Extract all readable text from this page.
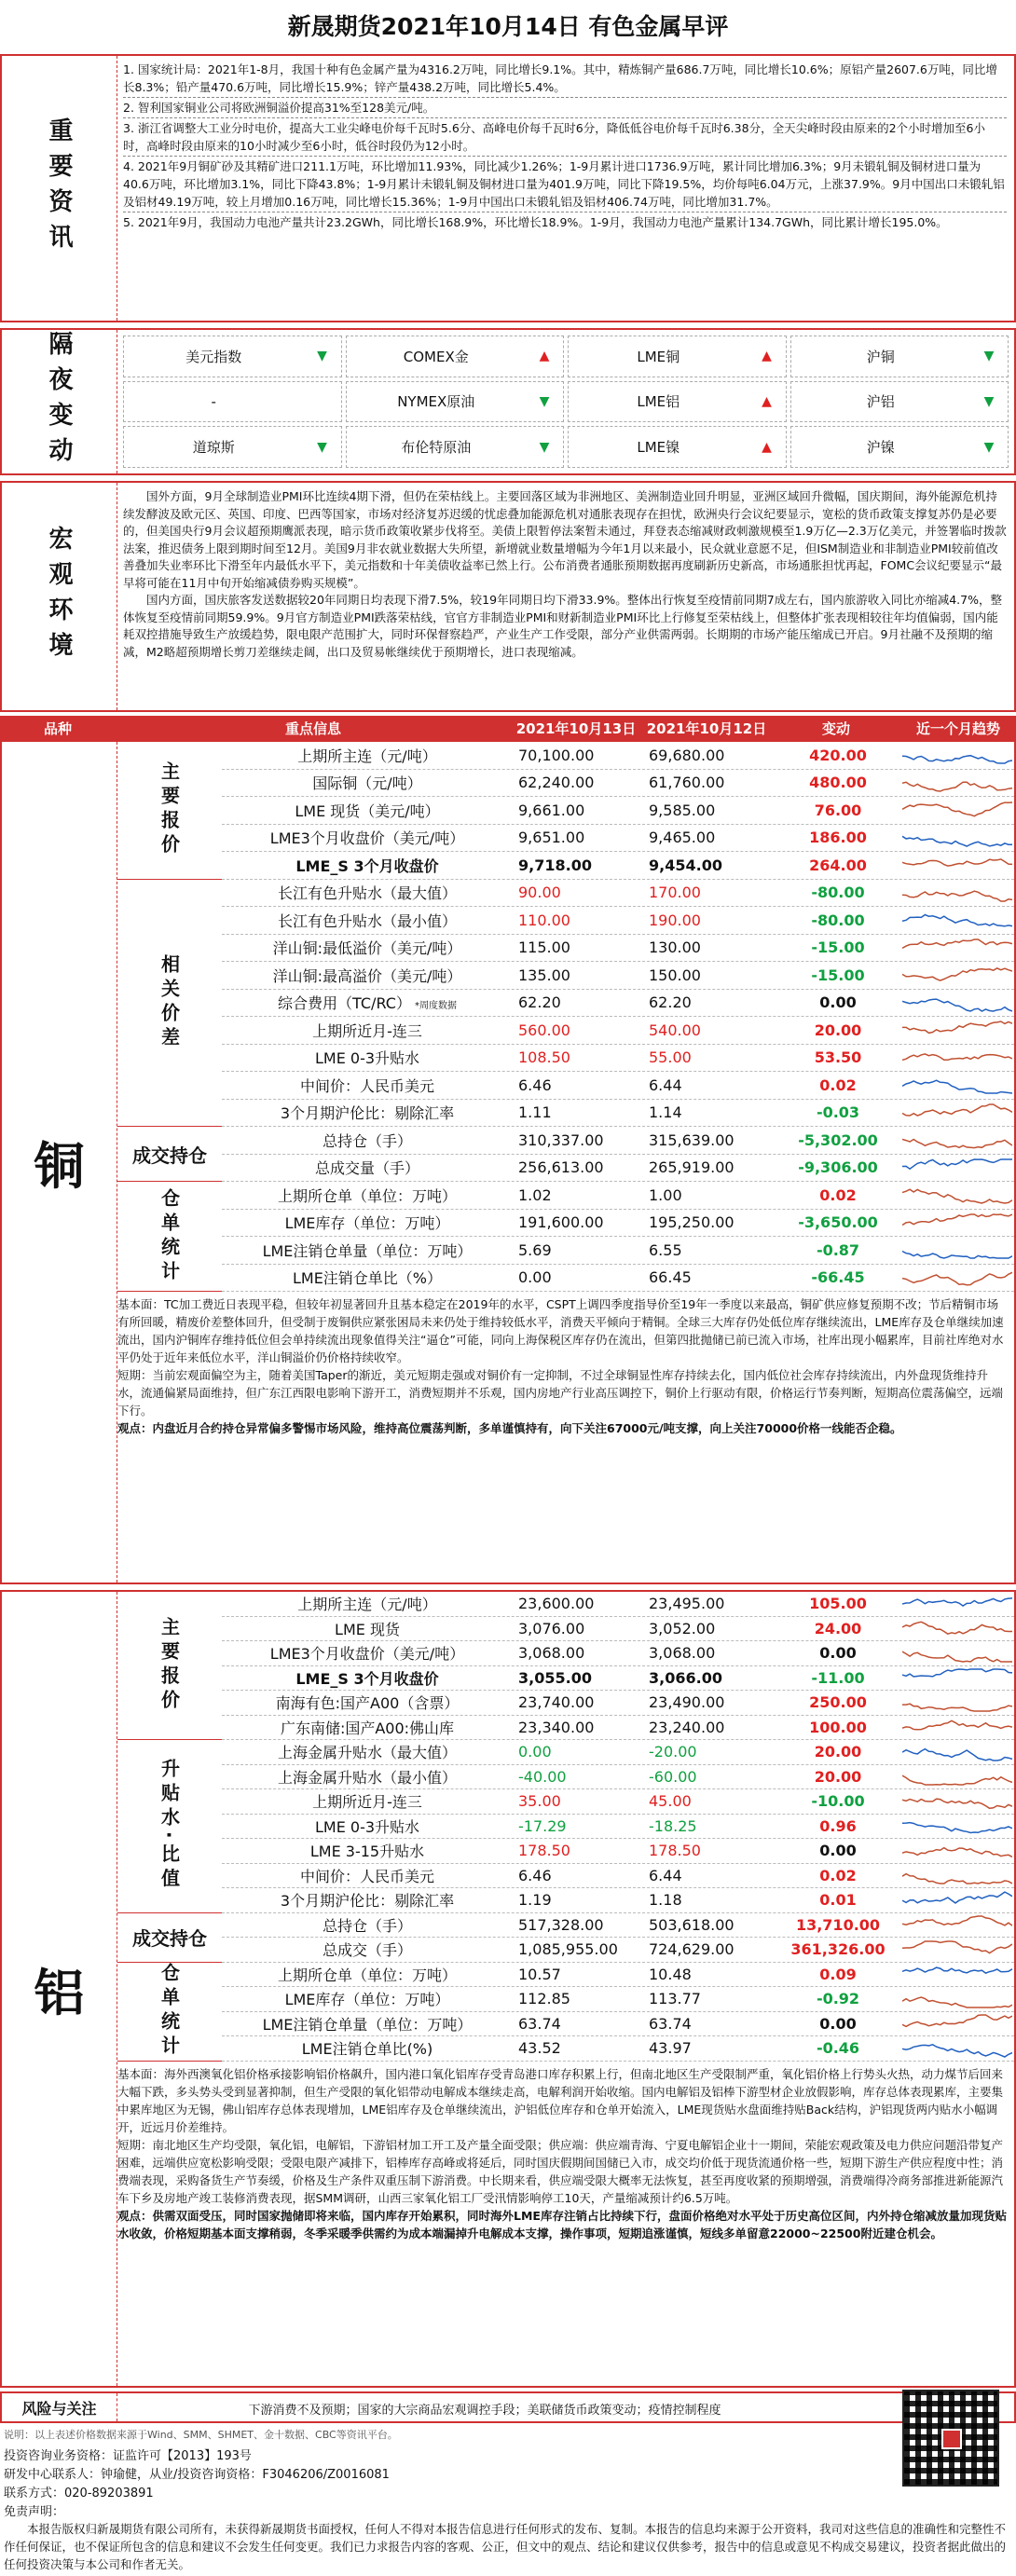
新晟期货2021年10月14日 有色金属早评
重要资讯

1. 国家统计局：2021年1-8月，我国十种有色金属产量为4316.2万吨，同比增长9.1%。其中，精炼铜产量686.7万吨，同比增长10.6%；原铝产量2607.6万吨，同比增长8.3%；铅产量470.6万吨，同比增长15.9%；锌产量438.2万吨，同比增长5.4%。

2. 智利国家铜业公司将欧洲铜溢价提高31%至128美元/吨。

3. 浙江省调整大工业分时电价，提高大工业尖峰电价每千瓦时5.6分、高峰电价每千瓦时6分，降低低谷电价每千瓦时6.38分，全天尖峰时段由原来的2个小时增加至6小时，高峰时段由原来的10小时减少至6小时，低谷时段仍为12小时。

4. 2021年9月铜矿砂及其精矿进口211.1万吨，环比增加11.93%，同比减少1.26%；1-9月累计进口1736.9万吨，累计同比增加6.3%；9月未锻轧铜及铜材进口量为40.6万吨，环比增加3.1%，同比下降43.8%；1-9月累计未锻轧铜及铜材进口量为401.9万吨，同比下降19.5%，均价每吨6.04万元，上涨37.9%。9月中国出口未锻轧铝及铝材49.19万吨，较上月增加0.16万吨，同比增长15.36%；1-9月中国出口未锻轧铝及铝材406.74万吨，同比增加31.7%。

5. 2021年9月，我国动力电池产量共计23.2GWh，同比增长168.9%，环比增长18.9%。1-9月，我国动力电池产量累计134.7GWh，同比累计增长195.0%。

隔夜变动	美元指数	▼	COMEX金	▲	LME铜	▲	沪铜	▼
-	NYMEX原油	▼	LME铝	▲	沪铝	▼
道琼斯	▼	布伦特原油	▼	LME镍	▲	沪镍	▼
宏观环境

国外方面，9月全球制造业PMI环比连续4期下滑，但仍在荣枯线上。主要回落区域为非洲地区、美洲制造业回升明显，亚洲区域回升微幅，国庆期间，海外能源危机持续发酵波及欧元区、英国、印度、巴西等国家，市场对经济复苏迟缓的忧虑叠加能源危机对通胀表现存在担忧，欧洲央行会议纪要显示，宽松的货币政策支撑复苏仍是必要的，但美国央行9月会议超预期鹰派表现，暗示货币政策收紧步伐将至。美债上限暂停法案暂未通过，拜登表态缩减财政刺激规模至1.9万亿—2.3万亿美元，并签署临时拨款法案，推迟债务上限到期时间至12月。美国9月非农就业数据大失所望，新增就业数量增幅为今年1月以来最小，民众就业意愿不足，但ISM制造业和非制造业PMI较前值改善叠加失业率环比下滑至年内最低水平下，美元指数和十年美债收益率已然上行。公布消费者通胀预期数据再度刷新历史新高，市场通胀担忧再起，FOMC会议纪要显示“最早将可能在11月中旬开始缩减债券购买规模”。

国内方面，国庆旅客发送数据较20年同期日均表现下滑7.5%，较19年同期日均下滑33.9%。整体出行恢复至疫情前同期7成左右，国内旅游收入同比亦缩减4.7%，整体恢复至疫情前同期59.9%。9月官方制造业PMI跌落荣枯线，官官方非制造业PMI和财新制造业PMI环比上行修复至荣枯线上，但整体扩张表现相较往年均值偏弱，国内能耗双控措施导致生产放缓趋势，限电限产范围扩大，同时环保督察趋严，产业生产工作受限，部分产业供需两弱。长期期的市场产能压缩成已开启。9月社融不及预期的缩减，M2略超预期增长剪刀差继续走阔，出口及贸易帐继续优于预期增长，进口表现缩减。

品种	重点信息	2021年10月13日 2021年10月12日	变动	近一个月趋势
铜
主要报价
上期所主连（元/吨）	70,100.00	69,680.00	420.00
国际铜（元/吨）	62,240.00	61,760.00	480.00
LME 现货（美元/吨）	9,661.00	9,585.00	76.00
LME3个月收盘价（美元/吨）	9,651.00	9,465.00	186.00
LME_S 3个月收盘价	9,718.00	9,454.00	264.00
相关价差
长江有色升贴水（最大值）	90.00	170.00	-80.00
长江有色升贴水（最小值）	110.00	190.00	-80.00
洋山铜:最低溢价（美元/吨）	115.00	130.00	-15.00
洋山铜:最高溢价（美元/吨）	135.00	150.00	-15.00
综合费用（TC/RC） *周度数据	62.20	62.20	0.00
上期所近月-连三	560.00	540.00	20.00
LME 0-3升贴水	108.50	55.00	53.50
中间价：人民币美元	6.46	6.44	0.02
3个月期沪伦比：剔除汇率	1.11	1.14	-0.03
成交持仓
总持仓（手）	310,337.00	315,639.00	-5,302.00
总成交量（手）	256,613.00	265,919.00	-9,306.00
仓单统计	上期所仓单（单位：万吨）	1.02	1.00	0.02
LME库存（单位：万吨）	191,600.00	195,250.00	-3,650.00
LME注销仓单量（单位：万吨）	5.69	6.55	-0.87
LME注销仓单比（%）	0.00	66.45	-66.45

基本面：TC加工费近日表现平稳，但较年初显著回升且基本稳定在2019年的水平，CSPT上调四季度指导价至19年一季度以来最高，铜矿供应修复预期不改；节后精铜市场有所回暖，精废价差整体回升，但受制于废铜供应紧张困局未来仍处于维持较低水平，消费天平倾向于精铜。全球三大库存仍处低位库存继续流出，LME库存及仓单继续加速流出，国内沪铜库存维持低位但会单持续流出现象值得关注“逼仓”可能，同向上海保税区库存仍在流出，但第四批抛储已前已流入市场，社库出现小幅累库，目前社库绝对水平仍处于近年来低位水平，洋山铜溢价仍价格持续收窄。

短期：当前宏观面偏空为主，随着美国Taper的渐近，美元短期走强或对铜价有一定抑制，不过全球铜显性库存持续去化，国内低位社会库存持续流出，内外盘现货维持升水，流通偏紧局面维持，但广东江西限电影响下游开工，消费短期并不乐观，国内房地产行业高压调控下，铜价上行驱动有限，价格运行节奏判断，短期高位震荡偏空，远端下行。

观点：内盘近月合约持仓异常偏多警惕市场风险，维持高位震荡判断，多单谨慎持有，向下关注67000元/吨支撑，向上关注70000价格一线能否企稳。

铝
主要报价
上期所主连（元/吨）	23,600.00	23,495.00	105.00
LME 现货	3,076.00	3,052.00	24.00
LME3个月收盘价（美元/吨）	3,068.00	3,068.00	0.00
LME_S 3个月收盘价	3,055.00	3,066.00	-11.00
南海有色:国产A00（含票）	23,740.00	23,490.00	250.00
广东南储:国产A00:佛山库	23,340.00	23,240.00	100.00
升贴水·比值
上海金属升贴水（最大值）	0.00	-20.00	20.00
上海金属升贴水（最小值）	-40.00	-60.00	20.00
上期所近月-连三	35.00	45.00	-10.00
LME 0-3升贴水	-17.29	-18.25	0.96
LME 3-15升贴水	178.50	178.50	0.00
中间价：人民币美元	6.46	6.44	0.02
3个月期沪伦比：剔除汇率	1.19	1.18	0.01
成交持仓
总持仓（手）	517,328.00	503,618.00	13,710.00
总成交（手）	1,085,955.00	724,629.00	361,326.00
仓单统计	上期所仓单（单位：万吨）	10.57	10.48	0.09
LME库存（单位：万吨）	112.85	113.77	-0.92
LME注销仓单量（单位：万吨）	63.74	63.74	0.00
LME注销仓单比(%)	43.52	43.97	-0.46

基本面：海外西澳氧化铝价格承接影响铝价格飙升，国内港口氧化铝库存受青岛港口库存积累上行，但南北地区生产受限制严重，氧化铝价格上行势头火热，动力煤节后回来大幅下跌，多头势头受到显著抑制，但生产受限的氧化铝带动电解成本继续走高，电解利润开始收缩。国内电解铝及铝棒下游型材企业放假影响，库存总体表现累库，主要集中累库地区为无锡，佛山铝库存总体表现增加，LME铝库存及仓单继续流出，沪铝低位库存和仓单开始流入，LME现货贴水盘面维持贴Back结构，沪铝现货两内贴水小幅调开，近远月价差维持。

短期：南北地区生产均受限，氧化铝，电解铝，下游铝材加工开工及产量全面受限；供应端：供应端青海、宁夏电解铝企业十一期间，荣能宏观政策及电力供应问题沿带复产困难，远端供应宽松影响受限；受限电限产减排下，铝棒库存高峰或将延后，同时国庆假期间国储已入市，成交均价低于现货流通价格一些，短期下游生产供应程度中性；消费端表现，采购备货生产节奏缓，价格及生产条件双重压制下游消费。中长期来看，供应端受限大概率无法恢复，甚至再度收紧的预期增强，消费端得冷商务部推进新能源汽车下乡及房地产竣工装修消费表现，据SMM调研，山西三家氧化铝工厂受汛情影响停工10天，产量缩减预计约6.5万吨。

观点：供需双面受压，同时国家抛储即将来临，国内库存开始累积，同时海外LME库存注销占比持续下行，盘面价格绝对水平处于历史高位区间，内外持仓缩减放量加现货贴水收敛，价格短期基本面支撑稍弱，冬季采暖季供需约为成本端漏掉升电解成本支撑，操作事项，短期追涨谨慎，短线多单留意22000~22500附近建仓机会。

风险与关注	下游消费不及预期；国家的大宗商品宏观调控手段；美联储货币政策变动；疫情控制程度
说明：以上表述价格数据来源于Wind、SMM、SHMET、金十数据、CBC等资讯平台。
投资咨询业务资格：证监许可【2013】193号
研发中心联系人：钟瑜健，从业/投资咨询资格：F3046206/Z0016081
联系方式：020-89203891
免责声明：
本报告版权归新晟期货有限公司所有，未获得新晟期货书面授权，任何人不得对本报告信息进行任何形式的发布、复制。本报告的信息均来源于公开资料，我司对这些信息的准确性和完整性不作任何保证，也不保证所包含的信息和建议不会发生任何变更。我们已力求报告内容的客观、公正，但文中的观点、结论和建议仅供参考，报告中的信息或意见不构成交易建议，投资者据此做出的任何投资决策与本公司和作者无关。
